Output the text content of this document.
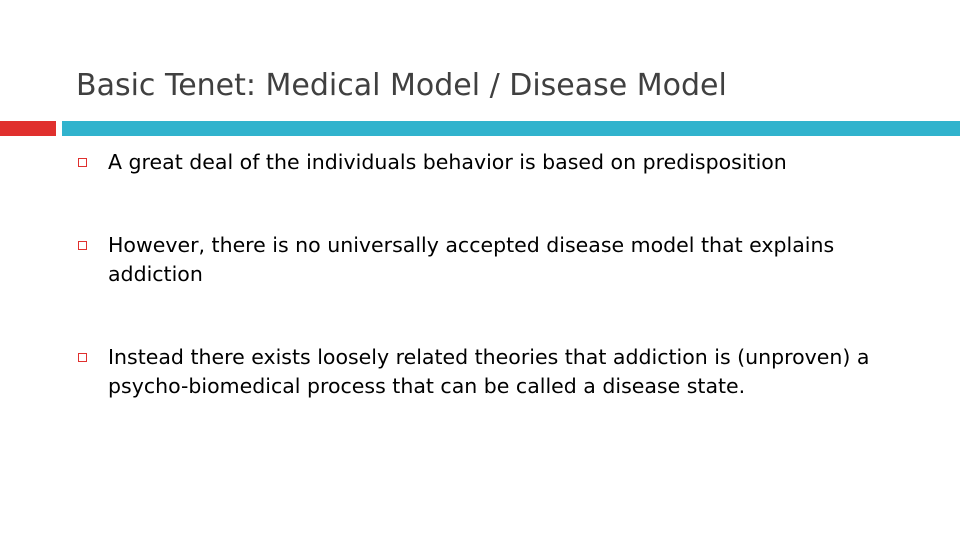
Basic Tenet: Medical Model / Disease Model
A great deal of the individuals behavior is based on predisposition
However, there is no universally accepted disease model that explains addiction
Instead there exists loosely related theories that addiction is (unproven) a psycho-biomedical process that can be called a disease state.
